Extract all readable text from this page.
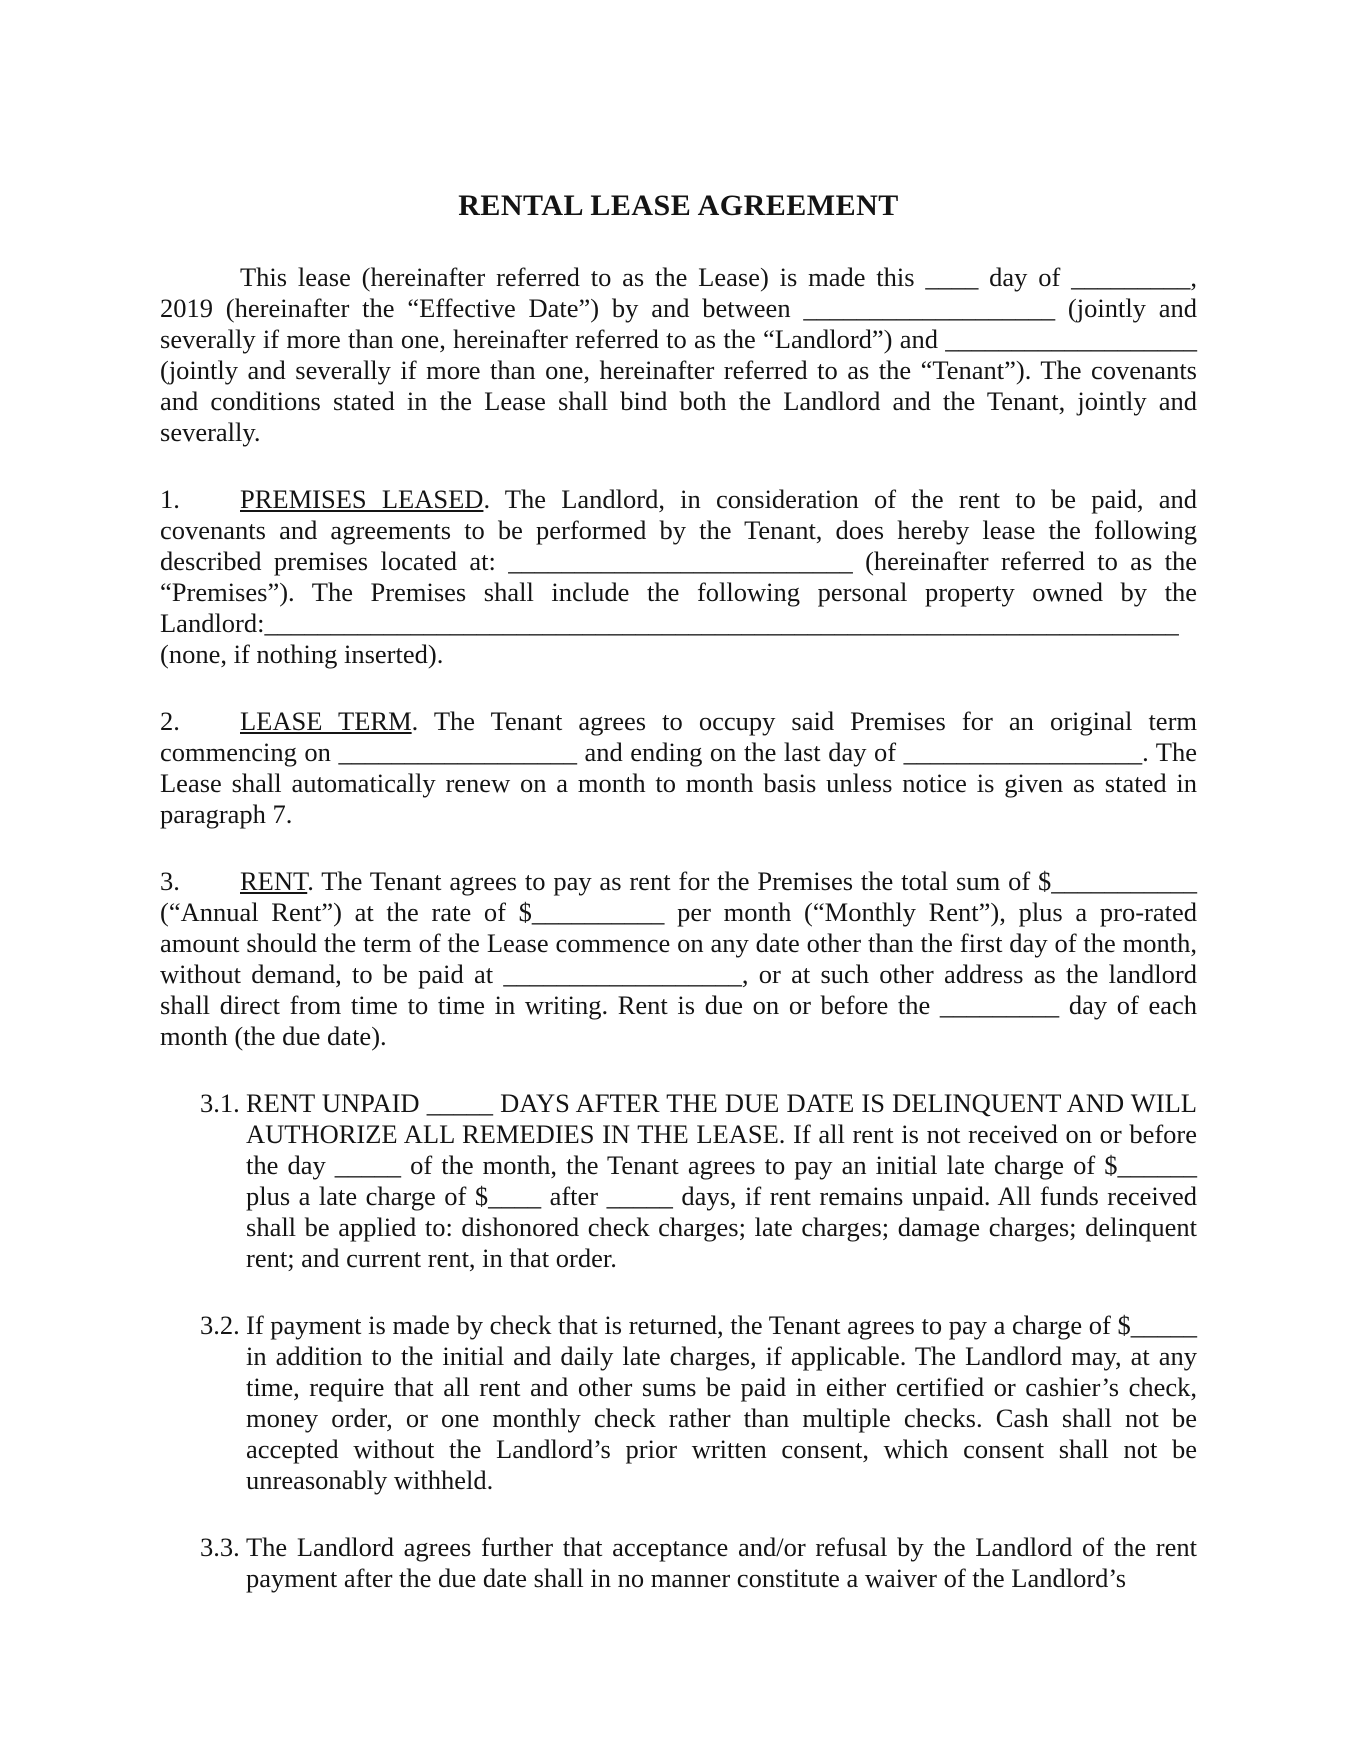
RENTAL LEASE AGREEMENT

This lease (hereinafter referred to as the Lease) is made this ____ day of _________, 2019 (hereinafter the “Effective Date”) by and between ___________________ (jointly and severally if more than one, hereinafter referred to as the “Landlord”) and ___________________ (jointly and severally if more than one, hereinafter referred to as the “Tenant”). The covenants and conditions stated in the Lease shall bind both the Landlord and the Tenant, jointly and severally.

1. PREMISES LEASED. The Landlord, in consideration of the rent to be paid, and covenants and agreements to be performed by the Tenant, does hereby lease the following described premises located at: __________________________ (hereinafter referred to as the “Premises”). The Premises shall include the following personal property owned by the Landlord:_____________________________________________________________________ (none, if nothing inserted).

2. LEASE TERM. The Tenant agrees to occupy said Premises for an original term commencing on __________________ and ending on the last day of __________________. The Lease shall automatically renew on a month to month basis unless notice is given as stated in paragraph 7.

3. RENT. The Tenant agrees to pay as rent for the Premises the total sum of $___________ (“Annual Rent”) at the rate of $__________ per month (“Monthly Rent”), plus a pro-rated amount should the term of the Lease commence on any date other than the first day of the month, without demand, to be paid at __________________, or at such other address as the landlord shall direct from time to time in writing. Rent is due on or before the _________ day of each month (the due date).

3.1. RENT UNPAID _____ DAYS AFTER THE DUE DATE IS DELINQUENT AND WILL AUTHORIZE ALL REMEDIES IN THE LEASE. If all rent is not received on or before the day _____ of the month, the Tenant agrees to pay an initial late charge of $______ plus a late charge of $____ after _____ days, if rent remains unpaid. All funds received shall be applied to: dishonored check charges; late charges; damage charges; delinquent rent; and current rent, in that order.

3.2. If payment is made by check that is returned, the Tenant agrees to pay a charge of $_____ in addition to the initial and daily late charges, if applicable. The Landlord may, at any time, require that all rent and other sums be paid in either certified or cashier’s check, money order, or one monthly check rather than multiple checks. Cash shall not be accepted without the Landlord’s prior written consent, which consent shall not be unreasonably withheld.

3.3. The Landlord agrees further that acceptance and/or refusal by the Landlord of the rent payment after the due date shall in no manner constitute a waiver of the Landlord’s
